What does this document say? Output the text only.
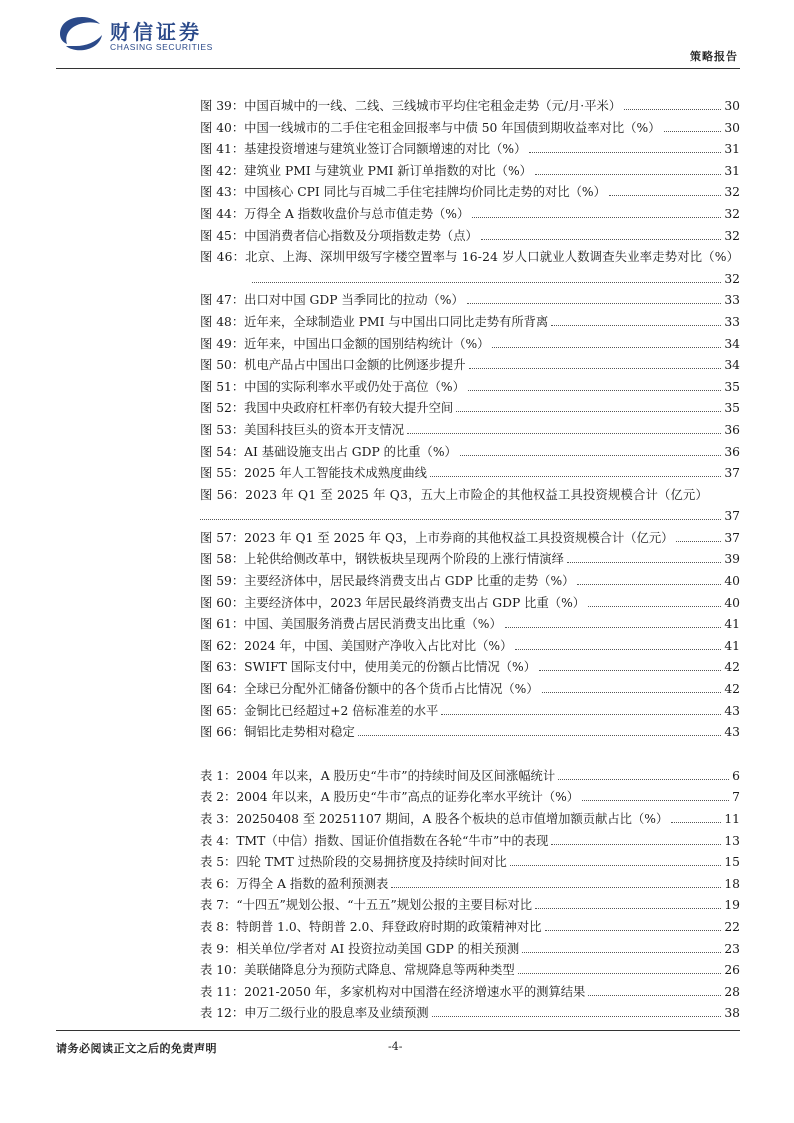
财信证券
CHASING SECURITIES
策略报告
图 39：中国百城中的一线、二线、三线城市平均住宅租金走势（元/月·平米）	30
图 40：中国一线城市的二手住宅租金回报率与中债 50 年国债到期收益率对比（%）	30
图 41：基建投资增速与建筑业签订合同额增速的对比（%）	31
图 42：建筑业 PMI 与建筑业 PMI 新订单指数的对比（%）	31
图 43：中国核心 CPI 同比与百城二手住宅挂牌均价同比走势的对比（%）	32
图 44：万得全 A 指数收盘价与总市值走势（%）	32
图 45：中国消费者信心指数及分项指数走势（点）	32
图 46：北京、上海、深圳甲级写字楼空置率与 16-24 岁人口就业人数调查失业率走势对比（%）
32
图 47：出口对中国 GDP 当季同比的拉动（%）	33
图 48：近年来，全球制造业 PMI 与中国出口同比走势有所背离	33
图 49：近年来，中国出口金额的国别结构统计（%）	34
图 50：机电产品占中国出口金额的比例逐步提升	34
图 51：中国的实际利率水平或仍处于高位（%）	35
图 52：我国中央政府杠杆率仍有较大提升空间	35
图 53：美国科技巨头的资本开支情况	36
图 54：AI 基础设施支出占 GDP 的比重（%）	36
图 55：2025 年人工智能技术成熟度曲线	37
图 56：2023 年 Q1 至 2025 年 Q3，五大上市险企的其他权益工具投资规模合计（亿元）
37
图 57：2023 年 Q1 至 2025 年 Q3，上市券商的其他权益工具投资规模合计（亿元）	37
图 58：上轮供给侧改革中，钢铁板块呈现两个阶段的上涨行情演绎	39
图 59：主要经济体中，居民最终消费支出占 GDP 比重的走势（%）	40
图 60：主要经济体中，2023 年居民最终消费支出占 GDP 比重（%）	40
图 61：中国、美国服务消费占居民消费支出比重（%）	41
图 62：2024 年，中国、美国财产净收入占比对比（%）	41
图 63：SWIFT 国际支付中，使用美元的份额占比情况（%）	42
图 64：全球已分配外汇储备份额中的各个货币占比情况（%）	42
图 65：金铜比已经超过+2 倍标准差的水平	43
图 66：铜铝比走势相对稳定	43
表 1：2004 年以来，A 股历史“牛市”的持续时间及区间涨幅统计	6
表 2：2004 年以来，A 股历史“牛市”高点的证券化率水平统计（%）	7
表 3：20250408 至 20251107 期间，A 股各个板块的总市值增加额贡献占比（%）	11
表 4：TMT（中信）指数、国证价值指数在各轮“牛市”中的表现	13
表 5：四轮 TMT 过热阶段的交易拥挤度及持续时间对比	15
表 6：万得全 A 指数的盈利预测表	18
表 7：“十四五”规划公报、“十五五”规划公报的主要目标对比	19
表 8：特朗普 1.0、特朗普 2.0、拜登政府时期的政策精神对比	22
表 9：相关单位/学者对 AI 投资拉动美国 GDP 的相关预测	23
表 10：美联储降息分为预防式降息、常规降息等两种类型	26
表 11：2021-2050 年，多家机构对中国潜在经济增速水平的测算结果	28
表 12：申万二级行业的股息率及业绩预测	38
请务必阅读正文之后的免责声明	-4-
